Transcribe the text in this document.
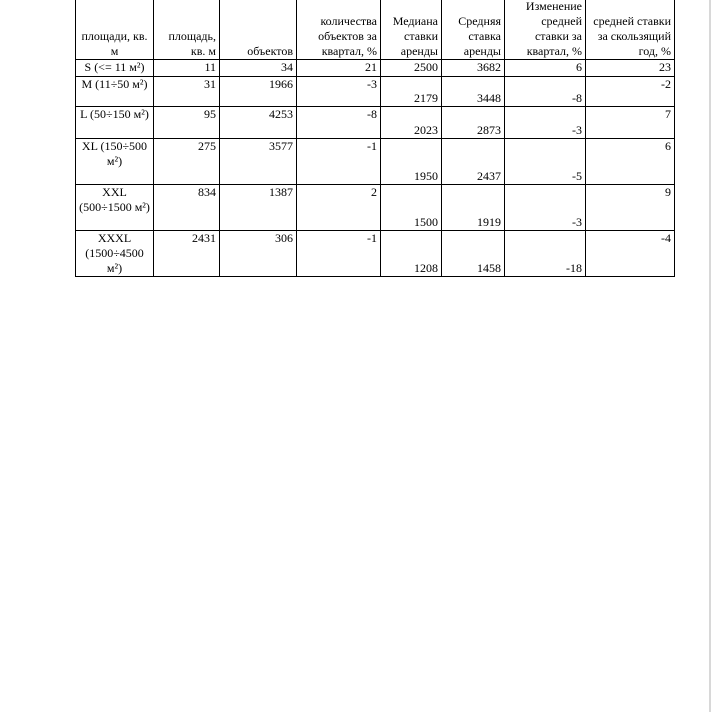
площади, кв. м	площадь, кв. м	объектов	количества объектов за квартал, %	Медиана ставки аренды	Средняя ставка аренды	Изменение средней ставки за квартал, %	средней ставки за скользящий год, %
S (<= 11 м²)	11	34	21	2500	3682	6	23
M (11÷50 м²)	31	1966	-3	2179	3448	-8	-2
L (50÷150 м²)	95	4253	-8	2023	2873	-3	7
XL (150÷500 м²)	275	3577	-1	1950	2437	-5	6
XXL (500÷1500 м²)	834	1387	2	1500	1919	-3	9
XXXL (1500÷4500 м²)	2431	306	-1	1208	1458	-18	-4
